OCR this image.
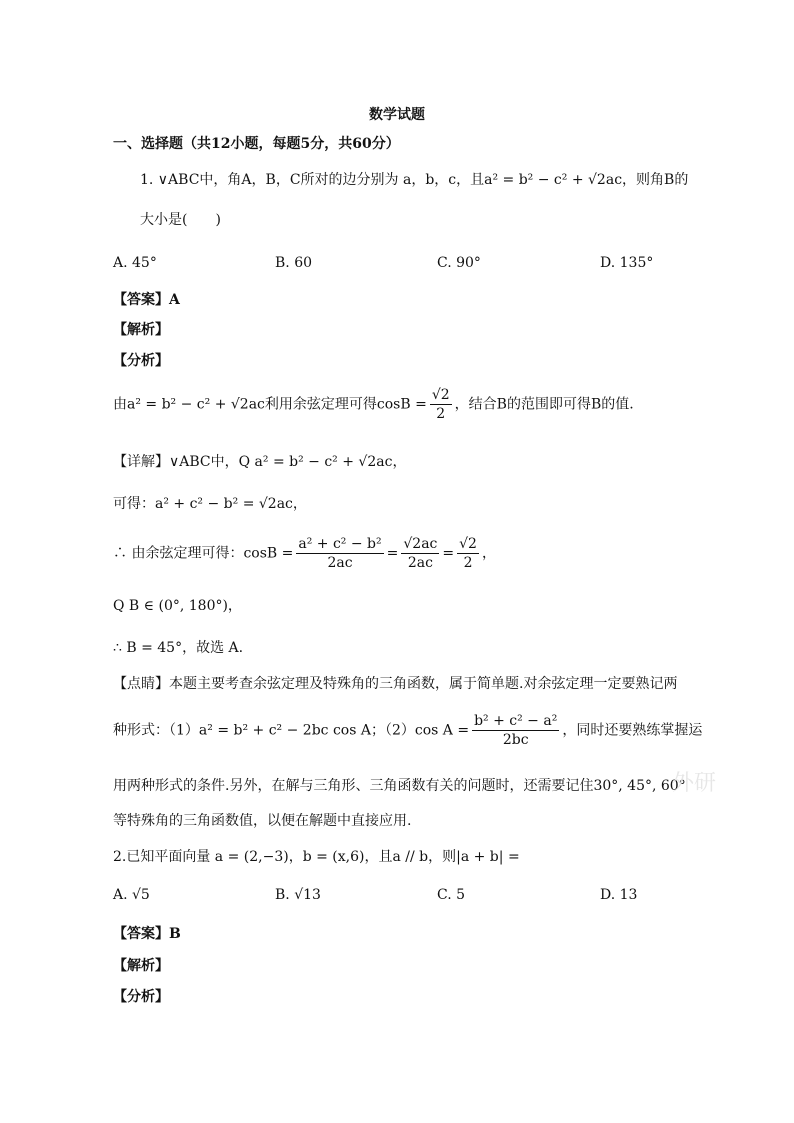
数学试题
一、选择题（共12小题，每题5分，共60分）
1. ∨ABC中，角A，B，C所对的边分别为 a，b，c，且a² = b² − c² + √2ac，则角B的
大小是(　　)
A. 45°	B. 60	C. 90°	D. 135°
【答案】A
【解析】
【分析】
由a² = b² − c² + √2ac利用余弦定理可得$\cos B = \frac{√2}{2}$ ，结合B的范围即可得B的值.
【详解】∨ABC中，Q a² = b² − c² + √2ac，
可得：a² + c² − b² = √2ac，
∴ 由余弦定理可得：$\cos B = \frac{\text{a² + c² − b²}}{2ac} = \frac{√2ac}{2ac} = \frac{√2}{2}$ ，
Q B ∈ (0°, 180°)，
∴ B = 45°，故选 A.
【点睛】本题主要考查余弦定理及特殊角的三角函数，属于简单题.对余弦定理一定要熟记两
种形式：（1）a² = b² + c² − 2bc cos A；（2）cos $A = \frac{\text{b² + c² − a²}}{2bc}$ ，同时还要熟练掌握运
用两种形式的条件.另外，在解与三角形、三角函数有关的问题时，还需要记住30°, 45°, 60°
等特殊角的三角函数值，以便在解题中直接应用.
外研
2.已知平面向量 a = (2,−3)，b = (x,6)，且a // b，则|a + b| =
A. √5	B. √13	C. 5	D. 13
【答案】B
【解析】
【分析】
